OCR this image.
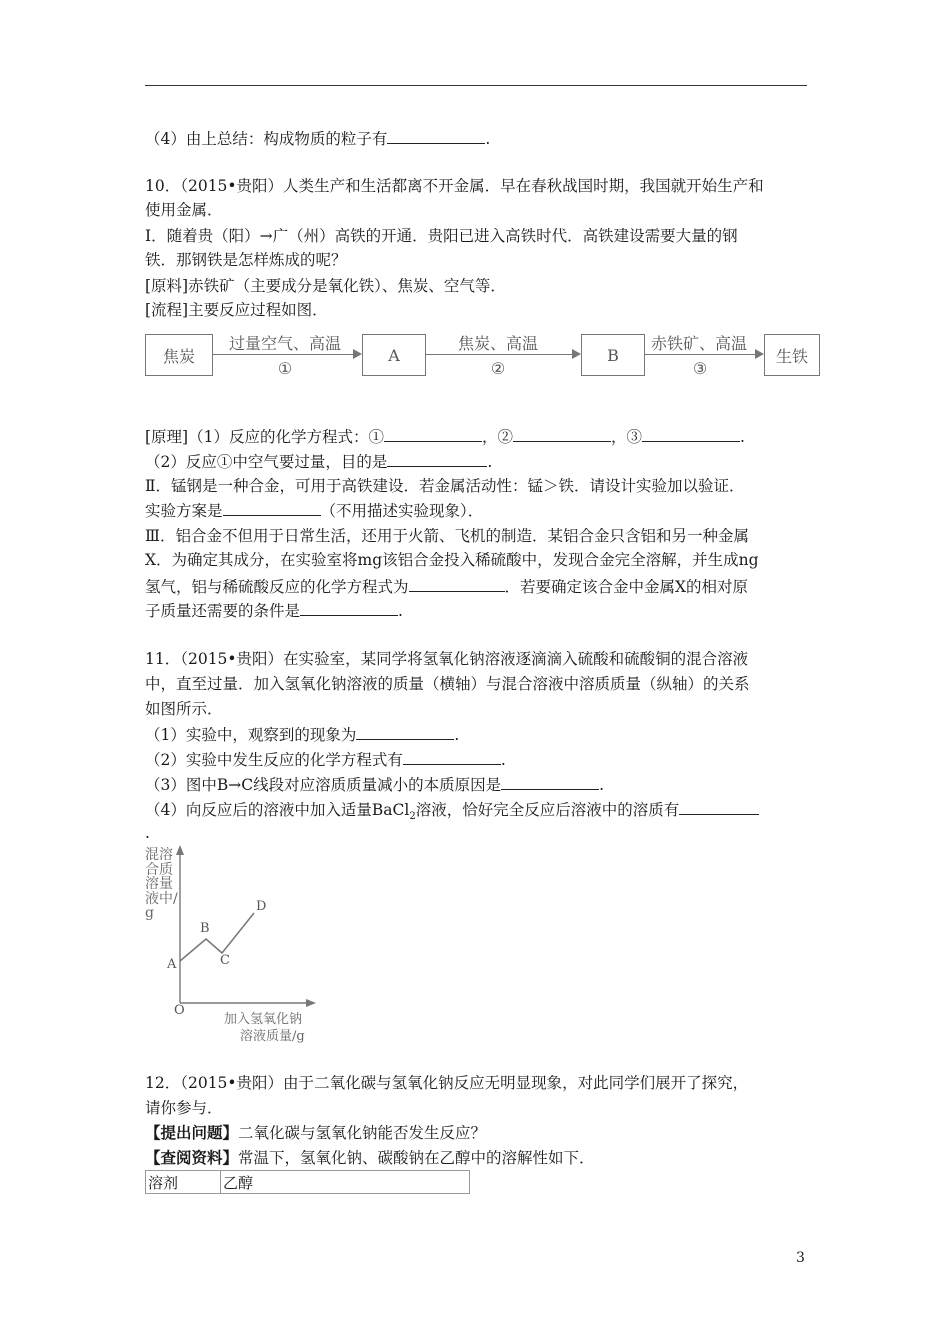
（4）由上总结：构成物质的粒子有	.
10．（2015•贵阳）人类生产和生活都离不开金属．早在春秋战国时期，我国就开始生产和
使用金属．
Ⅰ．随着贵（阳）→广（州）高铁的开通．贵阳已进入高铁时代．高铁建设需要大量的钢
铁．那钢铁是怎样炼成的呢？
[原料]赤铁矿（主要成分是氧化铁）、焦炭、空气等．
[流程]主要反应过程如图．
焦炭
过量空气、高温
①
A
焦炭、高温
②
B
赤铁矿、高温
③
生铁
[原理]（1）反应的化学方程式：①	，②	，③	.
（2）反应①中空气要过量，目的是	.
Ⅱ．锰钢是一种合金，可用于高铁建设．若金属活动性：锰＞铁．请设计实验加以验证．
实验方案是	（不用描述实验现象）．
Ⅲ．铝合金不但用于日常生活，还用于火箭、飞机的制造．某铝合金只含铝和另一种金属
X．为确定其成分，在实验室将mg该铝合金投入稀硫酸中，发现合金完全溶解，并生成ng
氢气，铝与稀硫酸反应的化学方程式为	．若要确定该合金中金属X的相对原
子质量还需要的条件是	.
11．（2015•贵阳）在实验室，某同学将氢氧化钠溶液逐滴滴入硫酸和硫酸铜的混合溶液
中，直至过量．加入氢氧化钠溶液的质量（横轴）与混合溶液中溶质质量（纵轴）的关系
如图所示．
（1）实验中，观察到的现象为	.
（2）实验中发生反应的化学方程式有	.
（3）图中B→C线段对应溶质质量减小的本质原因是	.
（4）向反应后的溶液中加入适量BaCl$_2$溶液，恰好完全反应后溶液中的溶质有
.
混溶合质溶量液中/g
O
A
B
C
D
加入氢氧化钠
溶液质量/g
12．（2015•贵阳）由于二氧化碳与氢氧化钠反应无明显现象，对此同学们展开了探究，
请你参与．
【提出问题】二氧化碳与氢氧化钠能否发生反应？
【查阅资料】常温下，氢氧化钠、碳酸钠在乙醇中的溶解性如下．
溶剂	乙醇
3
